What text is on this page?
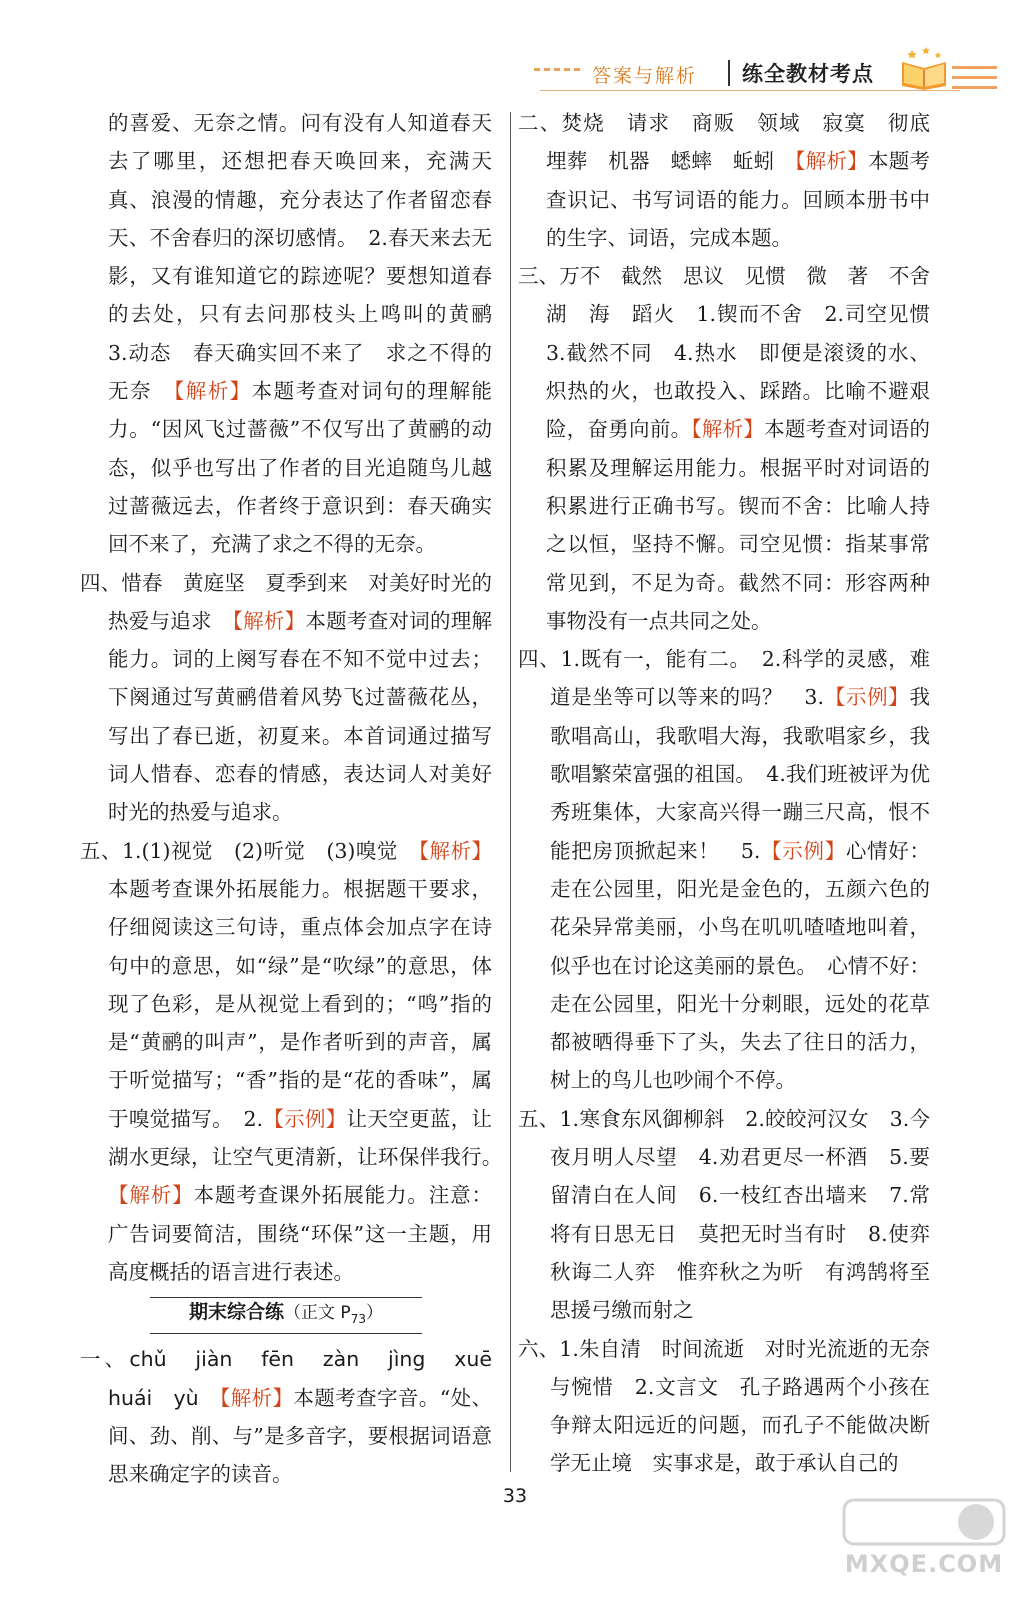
答案与解析 练全教材考点

的喜爱、无奈之情。问有没有人知道春天去了哪里，还想把春天唤回来，充满天真、浪漫的情趣，充分表达了作者留恋春天、不舍春归的深切感情。　2.春天来去无影，又有谁知道它的踪迹呢？要想知道春的去处，只有去问那枝头上鸣叫的黄鹂　3.动态　春天确实回不来了　求之不得的无奈　【解析】本题考查对词句的理解能力。“因风飞过蔷薇”不仅写出了黄鹂的动态，似乎也写出了作者的目光追随鸟儿越过蔷薇远去，作者终于意识到：春天确实回不来了，充满了求之不得的无奈。

四、惜春　黄庭坚　夏季到来　对美好时光的热爱与追求　【解析】本题考查对词的理解能力。词的上阕写春在不知不觉中过去；下阕通过写黄鹂借着风势飞过蔷薇花丛，写出了春已逝，初夏来。本首词通过描写词人惜春、恋春的情感，表达词人对美好时光的热爱与追求。

五、1.(1)视觉　(2)听觉　(3)嗅觉　【解析】本题考查课外拓展能力。根据题干要求，仔细阅读这三句诗，重点体会加点字在诗句中的意思，如“绿”是“吹绿”的意思，体现了色彩，是从视觉上看到的；“鸣”指的是“黄鹂的叫声”，是作者听到的声音，属于听觉描写；“香”指的是“花的香味”，属于嗅觉描写。　2.【示例】让天空更蓝，让湖水更绿，让空气更清新，让环保伴我行。　【解析】本题考查课外拓展能力。注意：广告词要简洁，围绕“环保”这一主题，用高度概括的语言进行表述。

期末综合练（正文 $P_{73}$）

一、chǔ　jiàn　fēn　zàn　jìng　xuē　huái　yù　 【解析】本题考查字音。“处、间、劲、削、与”是多音字，要根据词语意思来确定字的读音。

二、焚烧　请求　商贩　领域　寂寞　彻底　埋葬　机器　蟋蟀　蚯蚓　【解析】本题考查识记、书写词语的能力。回顾本册书中的生字、词语，完成本题。

三、万不　截然　思议　见惯　微　著　不舍　湖　海　蹈火　1.锲而不舍　2.司空见惯　3.截然不同　4.热水　即便是滚烫的水、炽热的火，也敢投入、踩踏。比喻不避艰险，奋勇向前。【解析】本题考查对词语的积累及理解运用能力。根据平时对词语的积累进行正确书写。锲而不舍：比喻人持之以恒，坚持不懈。司空见惯：指某事常常见到，不足为奇。截然不同：形容两种事物没有一点共同之处。

四、1.既有一，能有二。　2.科学的灵感，难道是坐等可以等来的吗？　3.【示例】我歌唱高山，我歌唱大海，我歌唱家乡，我歌唱繁荣富强的祖国。　4.我们班被评为优秀班集体，大家高兴得一蹦三尺高，恨不能把房顶掀起来！　5.【示例】心情好：走在公园里，阳光是金色的，五颜六色的花朵异常美丽，小鸟在叽叽喳喳地叫着，似乎也在讨论这美丽的景色。　心情不好：走在公园里，阳光十分刺眼，远处的花草都被晒得垂下了头，失去了往日的活力，树上的鸟儿也吵闹个不停。

五、1.寒食东风御柳斜　2.皎皎河汉女　3.今夜月明人尽望　4.劝君更尽一杯酒　5.要留清白在人间　6.一枝红杏出墙来　7.常将有日思无日　莫把无时当有时　8.使弈秋诲二人弈　惟弈秋之为听　有鸿鹄将至　思援弓缴而射之

六、1.朱自清　时间流逝　对时光流逝的无奈与惋惜　2.文言文　孔子路遇两个小孩在争辩太阳远近的问题，而孔子不能做决断　学无止境　实事求是，敢于承认自己的

33
MXQE.COM
